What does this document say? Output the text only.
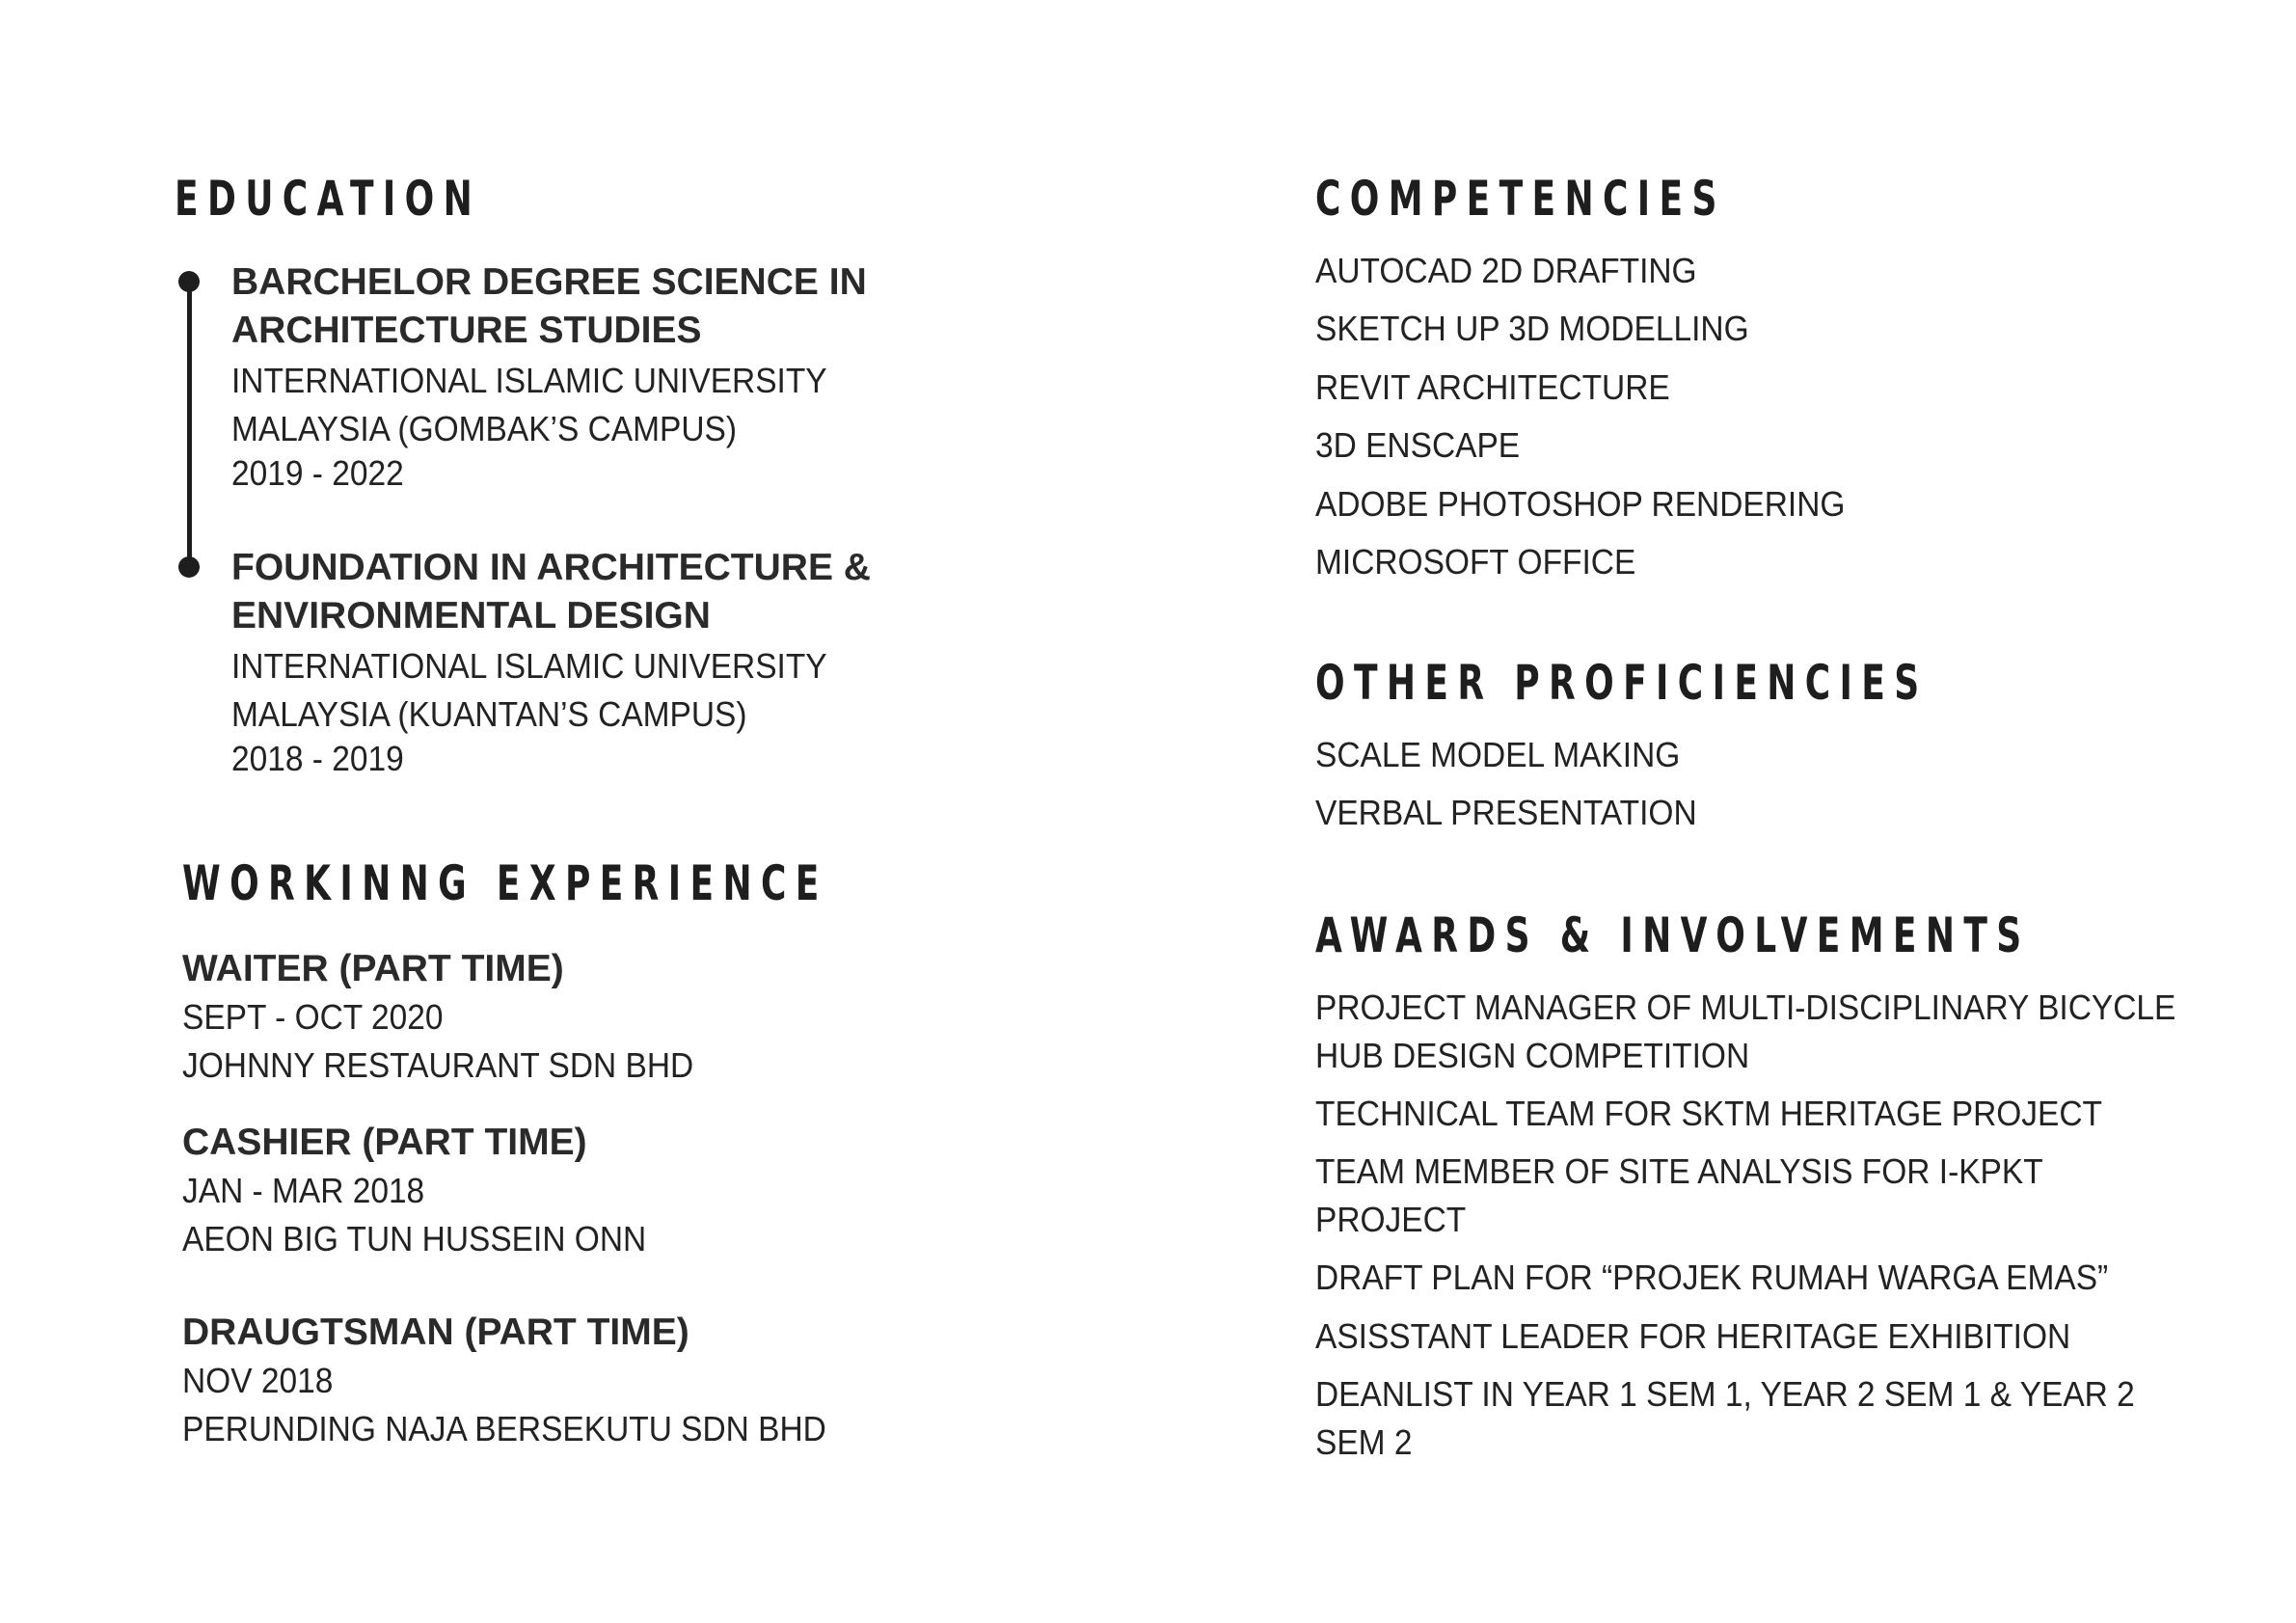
EDUCATION

BARCHELOR DEGREE SCIENCE IN

ARCHITECTURE STUDIES

INTERNATIONAL ISLAMIC UNIVERSITY

MALAYSIA (GOMBAK’S CAMPUS)

2019 - 2022

FOUNDATION IN ARCHITECTURE &

ENVIRONMENTAL DESIGN

INTERNATIONAL ISLAMIC UNIVERSITY

MALAYSIA (KUANTAN’S CAMPUS)

2018 - 2019

WORKINNG EXPERIENCE

WAITER (PART TIME)

SEPT - OCT 2020

JOHNNY RESTAURANT SDN BHD

CASHIER (PART TIME)

JAN - MAR 2018

AEON BIG TUN HUSSEIN ONN

DRAUGTSMAN (PART TIME)

NOV 2018

PERUNDING NAJA BERSEKUTU SDN BHD

COMPETENCIES

AUTOCAD 2D DRAFTING

SKETCH UP 3D MODELLING

REVIT ARCHITECTURE

3D ENSCAPE

ADOBE PHOTOSHOP RENDERING

MICROSOFT OFFICE

OTHER PROFICIENCIES

SCALE MODEL MAKING

VERBAL PRESENTATION

AWARDS & INVOLVEMENTS

PROJECT MANAGER OF MULTI-DISCIPLINARY BICYCLE

HUB DESIGN COMPETITION

TECHNICAL TEAM FOR SKTM HERITAGE PROJECT

TEAM MEMBER OF SITE ANALYSIS FOR I-KPKT

PROJECT

DRAFT PLAN FOR “PROJEK RUMAH WARGA EMAS”

ASISSTANT LEADER FOR HERITAGE EXHIBITION

DEANLIST IN YEAR 1 SEM 1, YEAR 2 SEM 1 & YEAR 2

SEM 2
